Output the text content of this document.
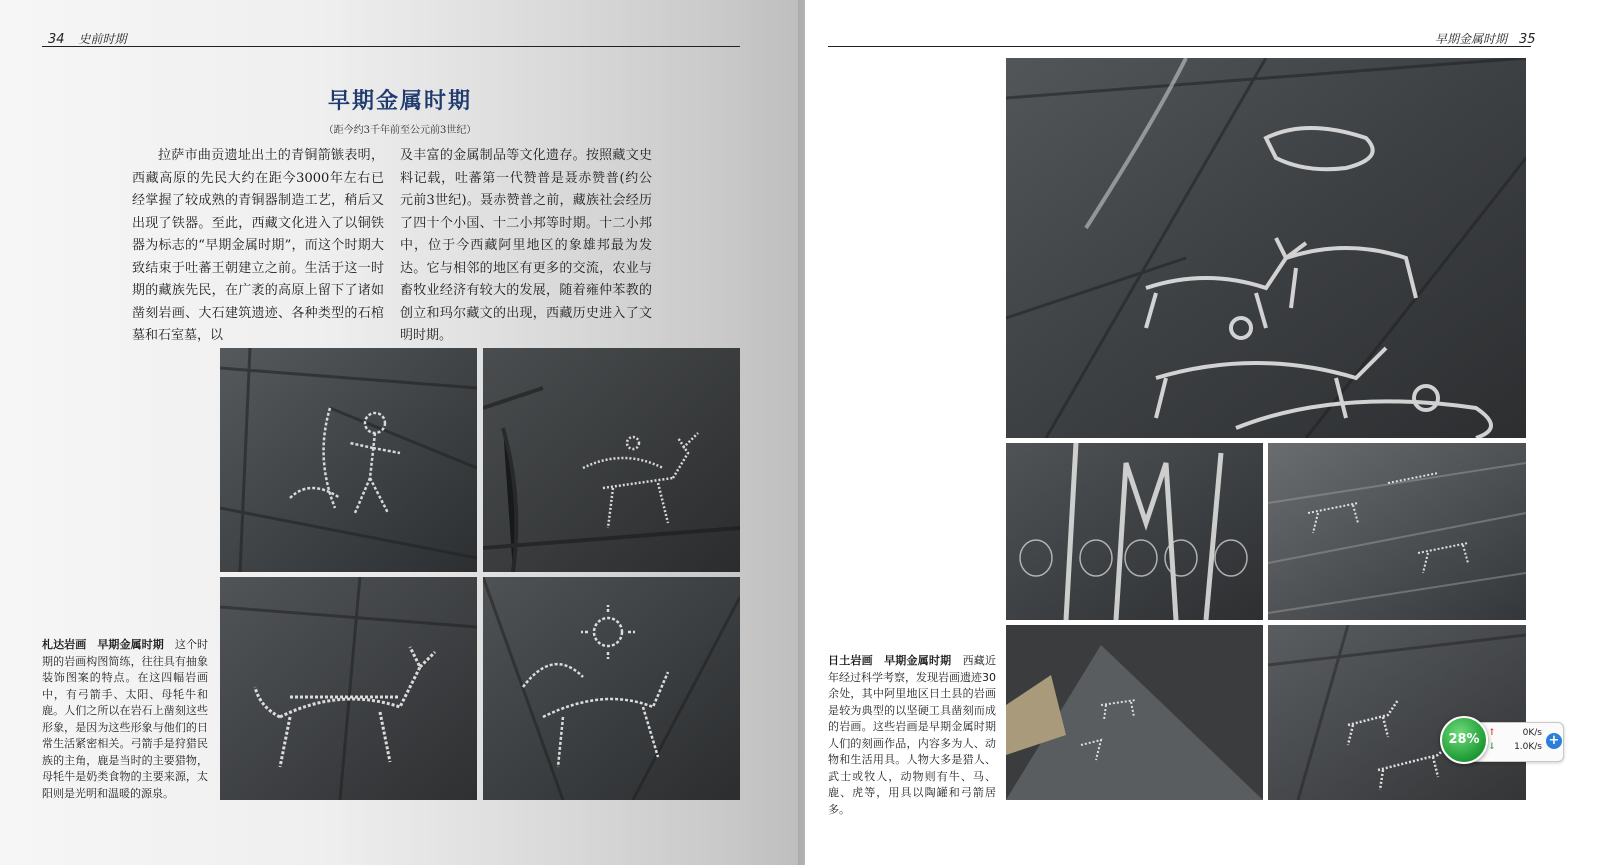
34 史前时期
早期金属时期
（距今约3千年前至公元前3世纪）

拉萨市曲贡遗址出土的青铜箭镞表明，西藏高原的先民大约在距今3000年左右已经掌握了较成熟的青铜器制造工艺，稍后又出现了铁器。至此，西藏文化进入了以铜铁器为标志的“早期金属时期”，而这个时期大致结束于吐蕃王朝建立之前。生活于这一时期的藏族先民，在广袤的高原上留下了诸如凿刻岩画、大石建筑遗迹、各种类型的石棺墓和石室墓，以

及丰富的金属制品等文化遗存。按照藏文史料记载，吐蕃第一代赞普是聂赤赞普(约公元前3世纪)。聂赤赞普之前，藏族社会经历了四十个小国、十二小邦等时期。十二小邦中，位于今西藏阿里地区的象雄邦最为发达。它与相邻的地区有更多的交流，农业与畜牧业经济有较大的发展，随着雍仲苯教的创立和玛尔藏文的出现，西藏历史进入了文明时期。

札达岩画　早期金属时期　 这个时期的岩画构图简练，往往具有抽象装饰图案的特点。在这四幅岩画中，有弓箭手、太阳、母牦牛和鹿。人们之所以在岩石上凿刻这些形象，是因为这些形象与他们的日常生活紧密相关。弓箭手是狩猎民族的主角，鹿是当时的主要猎物，母牦牛是奶类食物的主要来源，太阳则是光明和温暖的源泉。
早期金属时期 35
日土岩画　早期金属时期　 西藏近年经过科学考察，发现岩画遗迹30余处，其中阿里地区日土县的岩画是较为典型的以坚硬工具凿刻而成的岩画。这些岩画是早期金属时期人们的刻画作品，内容多为人、动物和生活用具。人物大多是猎人、武士或牧人，动物则有牛、马、鹿、虎等，用具以陶罐和弓箭居多。
28% ↑	0K/s
↓	1.0K/s +
